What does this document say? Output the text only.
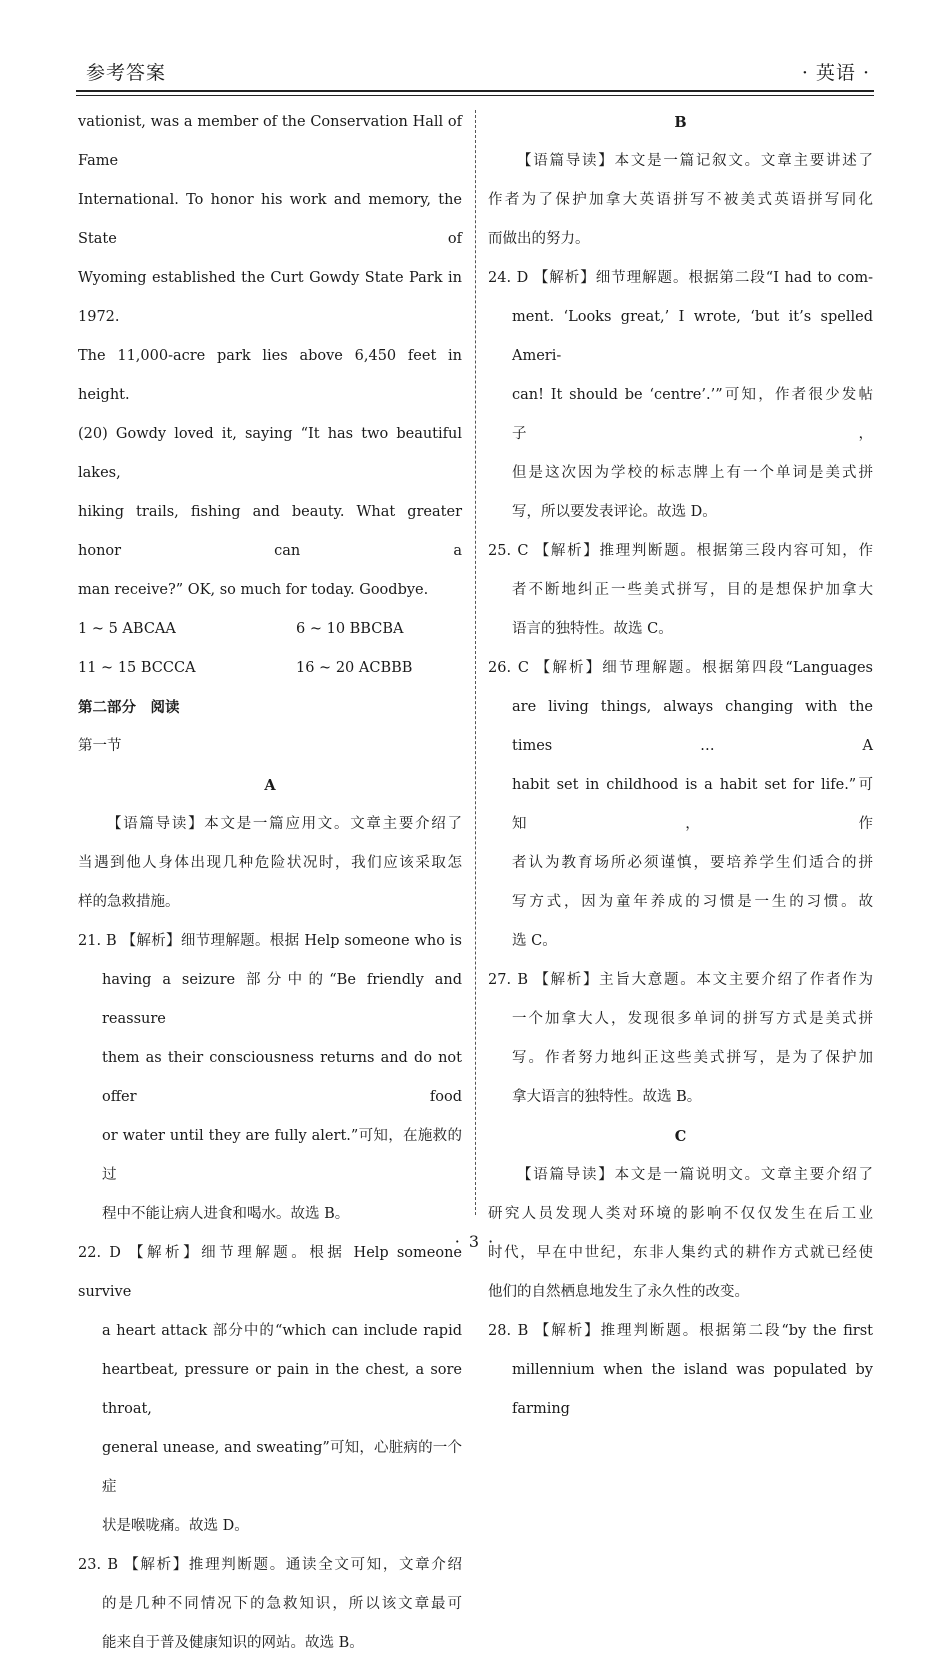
参考答案	· 英语 ·
vationist, was a member of the Conservation Hall of Fame
International. To honor his work and memory, the State of
Wyoming established the Curt Gowdy State Park in 1972.
The 11,000-acre park lies above 6,450 feet in height.
(20) Gowdy loved it, saying “It has two beautiful lakes,
hiking trails, fishing and beauty. What greater honor can a
man receive?” OK, so much for today. Goodbye.
1 ~ 5 ABCAA	6 ~ 10 BBCBA
11 ~ 15 BCCCA	16 ~ 20 ACBBB
第二部分　阅读
第一节
A
【语篇导读】本文是一篇应用文。文章主要介绍了
当遇到他人身体出现几种危险状况时，我们应该采取怎
样的急救措施。
21. B 【解析】细节理解题。根据 Help someone who is
having a seizure 部分中的“Be friendly and reassure
them as their consciousness returns and do not offer food
or water until they are fully alert.”可知，在施救的过
程中不能让病人进食和喝水。故选 B。
22. D 【解析】细节理解题。根据 Help someone survive
a heart attack 部分中的“which can include rapid
heartbeat, pressure or pain in the chest, a sore throat,
general unease, and sweating”可知，心脏病的一个症
状是喉咙痛。故选 D。
23. B 【解析】推理判断题。通读全文可知，文章介绍
的是几种不同情况下的急救知识，所以该文章最可
能来自于普及健康知识的网站。故选 B。
B
【语篇导读】本文是一篇记叙文。文章主要讲述了
作者为了保护加拿大英语拼写不被美式英语拼写同化
而做出的努力。
24. D 【解析】细节理解题。根据第二段“I had to com-
ment. ‘Looks great,’ I wrote, ‘but it’s spelled Ameri-
can! It should be ‘centre’.’”可知，作者很少发帖子，
但是这次因为学校的标志牌上有一个单词是美式拼
写，所以要发表评论。故选 D。
25. C 【解析】推理判断题。根据第三段内容可知，作
者不断地纠正一些美式拼写，目的是想保护加拿大
语言的独特性。故选 C。
26. C 【解析】细节理解题。根据第四段“Languages
are living things, always changing with the times … A
habit set in childhood is a habit set for life.”可知，作
者认为教育场所必须谨慎，要培养学生们适合的拼
写方式，因为童年养成的习惯是一生的习惯。故
选 C。
27. B 【解析】主旨大意题。本文主要介绍了作者作为
一个加拿大人，发现很多单词的拼写方式是美式拼
写。作者努力地纠正这些美式拼写，是为了保护加
拿大语言的独特性。故选 B。
C
【语篇导读】本文是一篇说明文。文章主要介绍了
研究人员发现人类对环境的影响不仅仅发生在后工业
时代，早在中世纪，东非人集约式的耕作方式就已经使
他们的自然栖息地发生了永久性的改变。
28. B 【解析】推理判断题。根据第二段“by the first
millennium when the island was populated by farming
· 3 ·
